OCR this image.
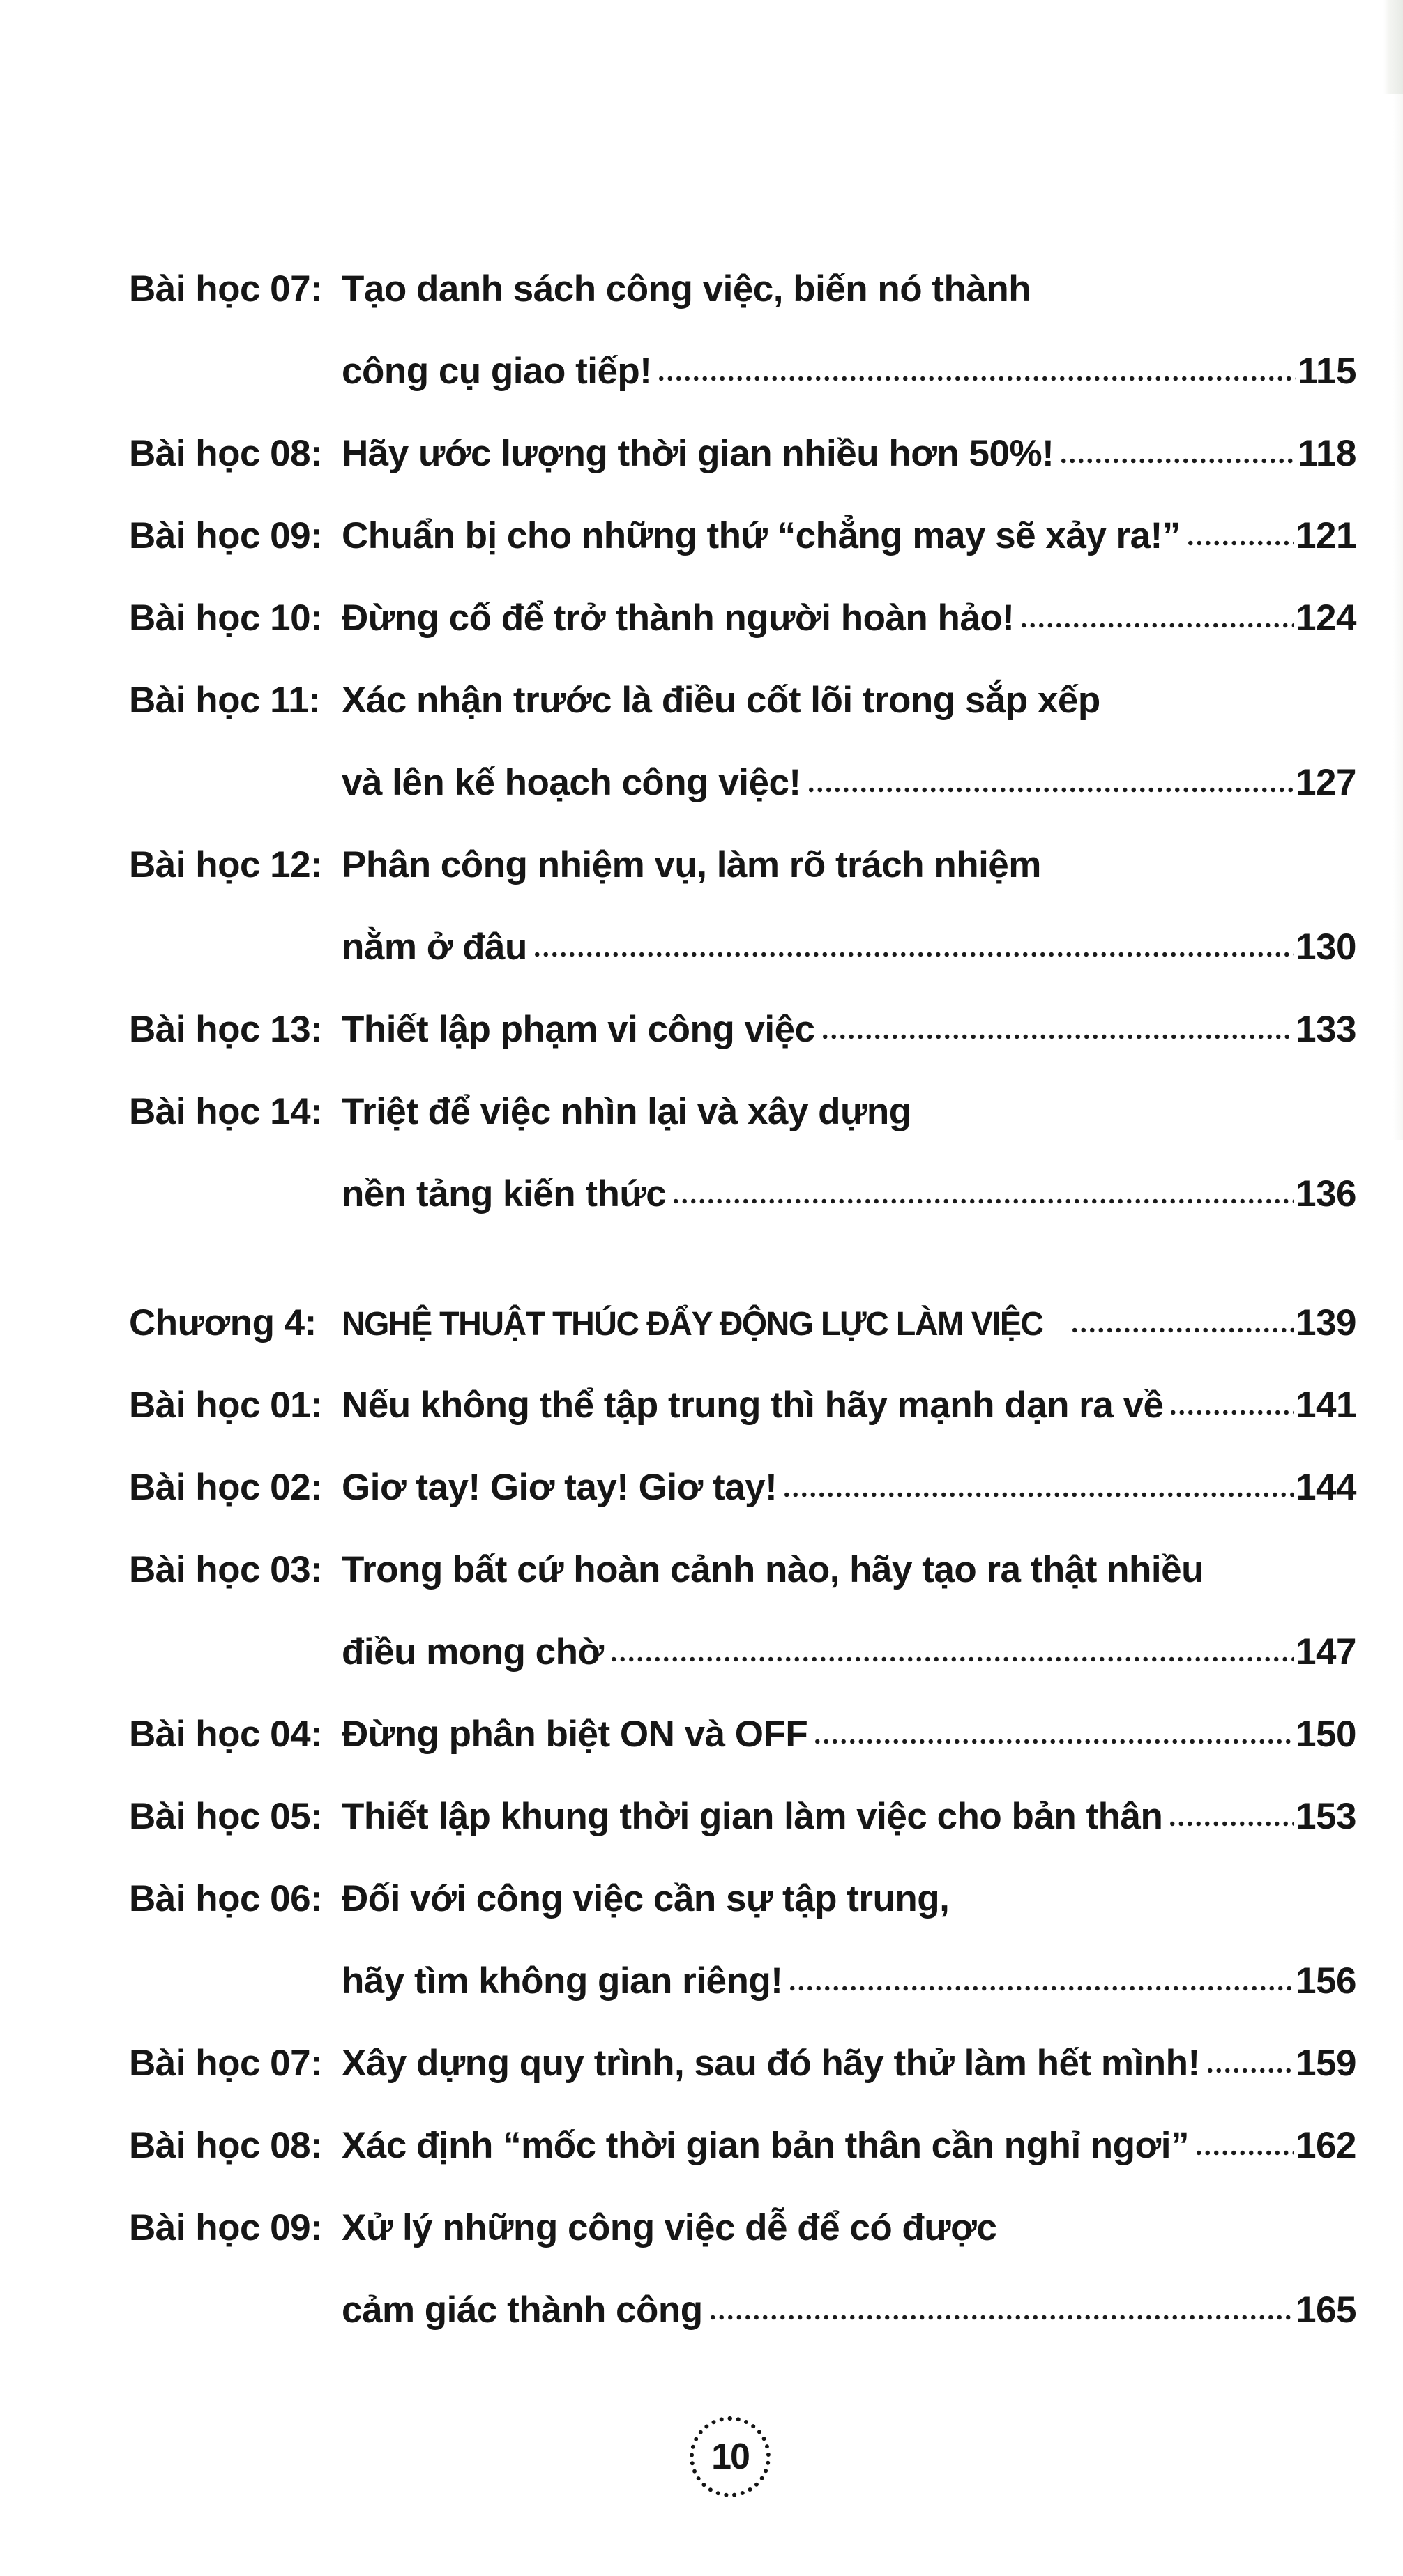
Bài học 07: Tạo danh sách công việc, biến nó thành
công cụ giao tiếp!	115
Bài học 08: Hãy ước lượng thời gian nhiều hơn 50%!	118
Bài học 09: Chuẩn bị cho những thứ “chẳng may sẽ xảy ra!”	121
Bài học 10: Đừng cố để trở thành người hoàn hảo!	124
Bài học 11: Xác nhận trước là điều cốt lõi trong sắp xếp
và lên kế hoạch công việc!	127
Bài học 12: Phân công nhiệm vụ, làm rõ trách nhiệm
nằm ở đâu	130
Bài học 13: Thiết lập phạm vi công việc	133
Bài học 14: Triệt để việc nhìn lại và xây dựng
nền tảng kiến thức	136
Chương 4: NGHỆ THUẬT THÚC ĐẨY ĐỘNG LỰC LÀM VIỆC	139
Bài học 01: Nếu không thể tập trung thì hãy mạnh dạn ra về	141
Bài học 02: Giơ tay! Giơ tay! Giơ tay!	144
Bài học 03: Trong bất cứ hoàn cảnh nào, hãy tạo ra thật nhiều
điều mong chờ	147
Bài học 04: Đừng phân biệt ON và OFF	150
Bài học 05: Thiết lập khung thời gian làm việc cho bản thân	153
Bài học 06: Đối với công việc cần sự tập trung,
hãy tìm không gian riêng!	156
Bài học 07: Xây dựng quy trình, sau đó hãy thử làm hết mình!	159
Bài học 08: Xác định “mốc thời gian bản thân cần nghỉ ngơi”	162
Bài học 09: Xử lý những công việc dễ để có được
cảm giác thành công	165
10
